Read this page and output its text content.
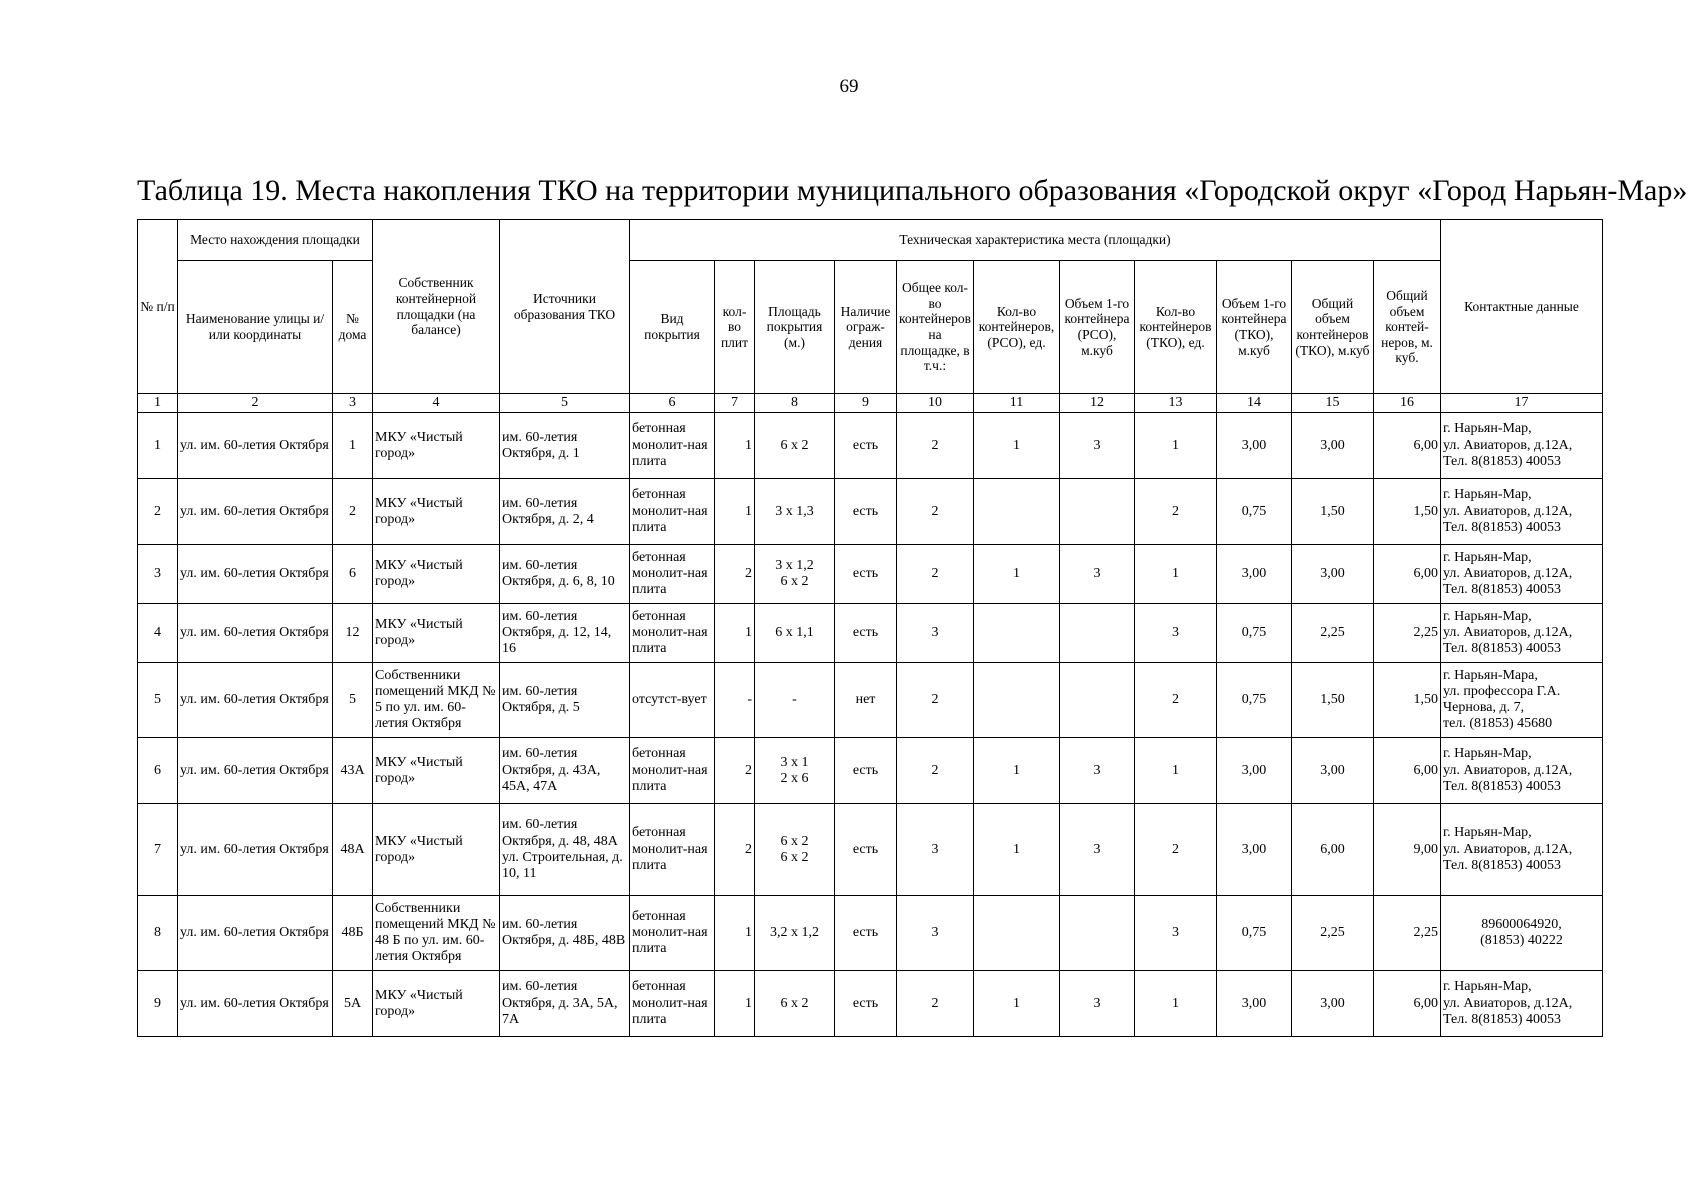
69
Таблица 19. Места накопления ТКО на территории муниципального образования «Городской округ «Город Нарьян-Мар»
№ п/п	Место нахождения площадки		Собственник контейнерной площадки (на балансе)	Источники образования ТКО	Техническая характеристика места (площадки)											Контактные данные
	Наименование улицы и/или координаты	№ дома			Вид покрытия	кол-во плит	Площадь покрытия (м.)	Наличие ограж-дения	Общее кол-во контейнеров на площадке, в т.ч.:	Кол-во контейнеров, (РСО), ед.	Объем 1-го контейнера (РСО), м.куб	Кол-во контейнеров (ТКО), ед.	Объем 1-го контейнера (ТКО), м.куб	Общий объем контейнеров (ТКО), м.куб	Общий объем контей-неров, м. куб.	
1	2	3	4	5	6	7	8	9	10	11	12	13	14	15	16	17
1	ул. им. 60-летия Октября	1	МКУ «Чистый город»	им. 60-летия Октября, д. 1	бетонная монолит-ная плита	1	6 х 2	есть	2	1	3	1	3,00	3,00	6,00	г. Нарьян-Мар,
ул. Авиаторов, д.12А,
Тел. 8(81853) 40053
2	ул. им. 60-летия Октября	2	МКУ «Чистый город»	им. 60-летия Октября, д. 2, 4	бетонная монолит-ная плита	1	3 х 1,3	есть	2			2	0,75	1,50	1,50	г. Нарьян-Мар,
ул. Авиаторов, д.12А,
Тел. 8(81853) 40053
3	ул. им. 60-летия Октября	6	МКУ «Чистый город»	им. 60-летия Октября, д. 6, 8, 10	бетонная монолит-ная плита	2	3 х 1,2
6 х 2	есть	2	1	3	1	3,00	3,00	6,00	г. Нарьян-Мар,
ул. Авиаторов, д.12А,
Тел. 8(81853) 40053
4	ул. им. 60-летия Октября	12	МКУ «Чистый город»	им. 60-летия Октября, д. 12, 14, 16	бетонная монолит-ная плита	1	6 х 1,1	есть	3			3	0,75	2,25	2,25	г. Нарьян-Мар,
ул. Авиаторов, д.12А,
Тел. 8(81853) 40053
5	ул. им. 60-летия Октября	5	Собственники помещений МКД № 5 по ул. им. 60-летия Октября	им. 60-летия Октября, д. 5	отсутст-вует	-	-	нет	2			2	0,75	1,50	1,50	г. Нарьян-Мара,
ул. профессора Г.А. Чернова, д. 7,
тел. (81853) 45680
6	ул. им. 60-летия Октября	43А	МКУ «Чистый город»	им. 60-летия Октября, д. 43А, 45А, 47А	бетонная монолит-ная плита	2	3 х 1
2 х 6	есть	2	1	3	1	3,00	3,00	6,00	г. Нарьян-Мар,
ул. Авиаторов, д.12А,
Тел. 8(81853) 40053
7	ул. им. 60-летия Октября	48А	МКУ «Чистый город»	им. 60-летия Октября, д. 48, 48А
ул. Строительная, д. 10, 11	бетонная монолит-ная плита	2	6 х 2
6 х 2	есть	3	1	3	2	3,00	6,00	9,00	г. Нарьян-Мар,
ул. Авиаторов, д.12А,
Тел. 8(81853) 40053
8	ул. им. 60-летия Октября	48Б	Собственники помещений МКД № 48 Б по ул. им. 60-летия Октября	им. 60-летия Октября, д. 48Б, 48В	бетонная монолит-ная плита	1	3,2 х 1,2	есть	3			3	0,75	2,25	2,25	89600064920,
(81853) 40222
9	ул. им. 60-летия Октября	5А	МКУ «Чистый город»	им. 60-летия Октября, д. 3А, 5А, 7А	бетонная монолит-ная плита	1	6 х 2	есть	2	1	3	1	3,00	3,00	6,00	г. Нарьян-Мар,
ул. Авиаторов, д.12А,
Тел. 8(81853) 40053
